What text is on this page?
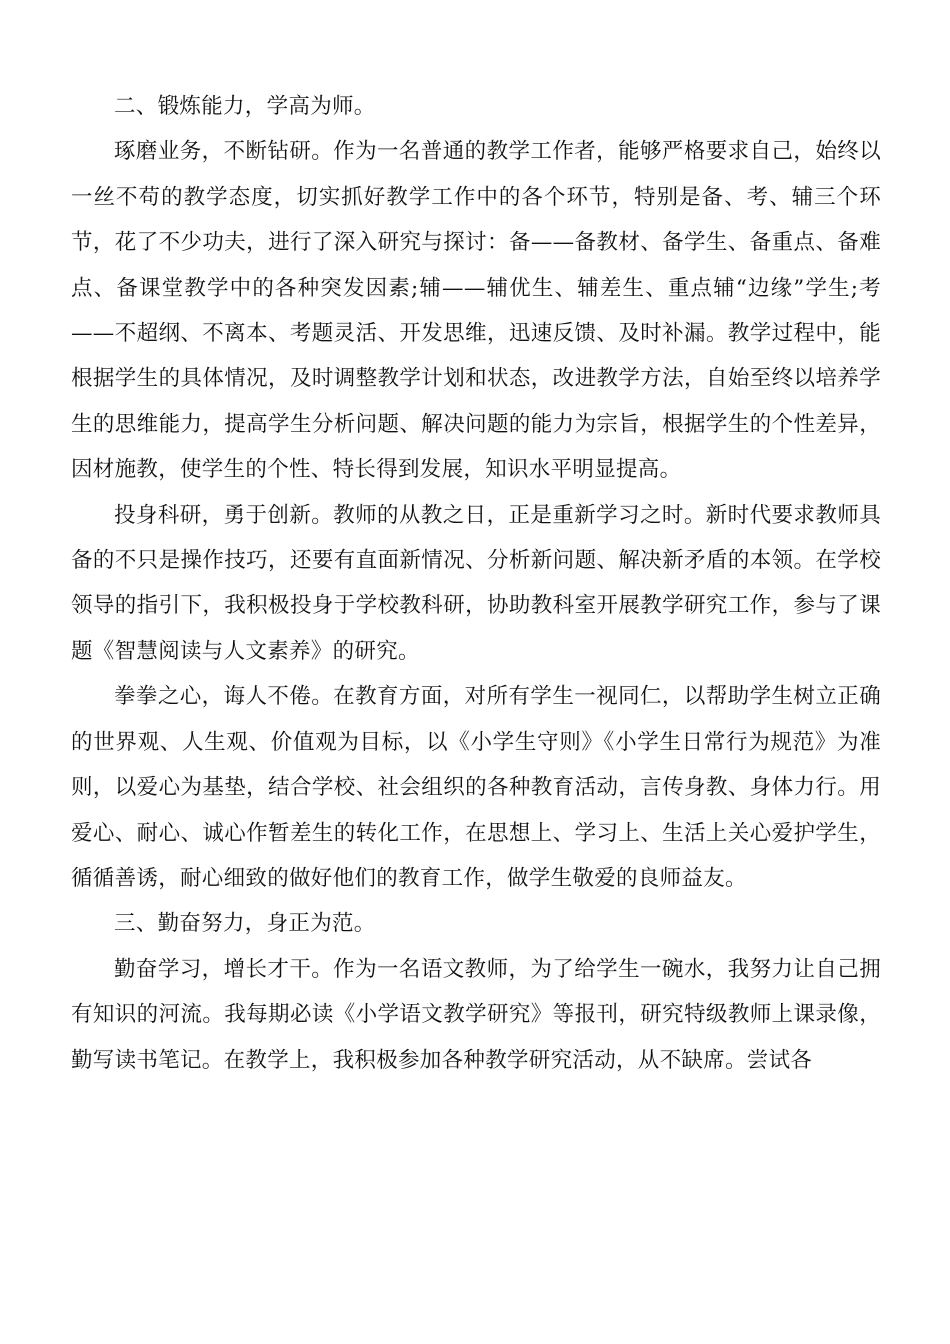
二、锻炼能力，学高为师。

琢磨业务，不断钻研。作为一名普通的教学工作者，能够严格要求自己，始终以一丝不苟的教学态度，切实抓好教学工作中的各个环节，特别是备、考、辅三个环节，花了不少功夫，进行了深入研究与探讨：备——备教材、备学生、备重点、备难点、备课堂教学中的各种突发因素;辅——辅优生、辅差生、重点辅“边缘”学生;考——不超纲、不离本、考题灵活、开发思维，迅速反馈、及时补漏。教学过程中，能根据学生的具体情况，及时调整教学计划和状态，改进教学方法，自始至终以培养学生的思维能力，提高学生分析问题、解决问题的能力为宗旨，根据学生的个性差异，因材施教，使学生的个性、特长得到发展，知识水平明显提高。

投身科研，勇于创新。教师的从教之日，正是重新学习之时。新时代要求教师具备的不只是操作技巧，还要有直面新情况、分析新问题、解决新矛盾的本领。在学校领导的指引下，我积极投身于学校教科研，协助教科室开展教学研究工作，参与了课题《智慧阅读与人文素养》的研究。

拳拳之心，诲人不倦。在教育方面，对所有学生一视同仁，以帮助学生树立正确的世界观、人生观、价值观为目标，以《小学生守则》《小学生日常行为规范》为准则，以爱心为基垫，结合学校、社会组织的各种教育活动，言传身教、身体力行。用爱心、耐心、诚心作暂差生的转化工作，在思想上、学习上、生活上关心爱护学生，循循善诱，耐心细致的做好他们的教育工作，做学生敬爱的良师益友。

三、勤奋努力，身正为范。

勤奋学习，增长才干。作为一名语文教师，为了给学生一碗水，我努力让自己拥有知识的河流。我每期必读《小学语文教学研究》等报刊，研究特级教师上课录像，勤写读书笔记。在教学上，我积极参加各种教学研究活动，从不缺席。尝试各
